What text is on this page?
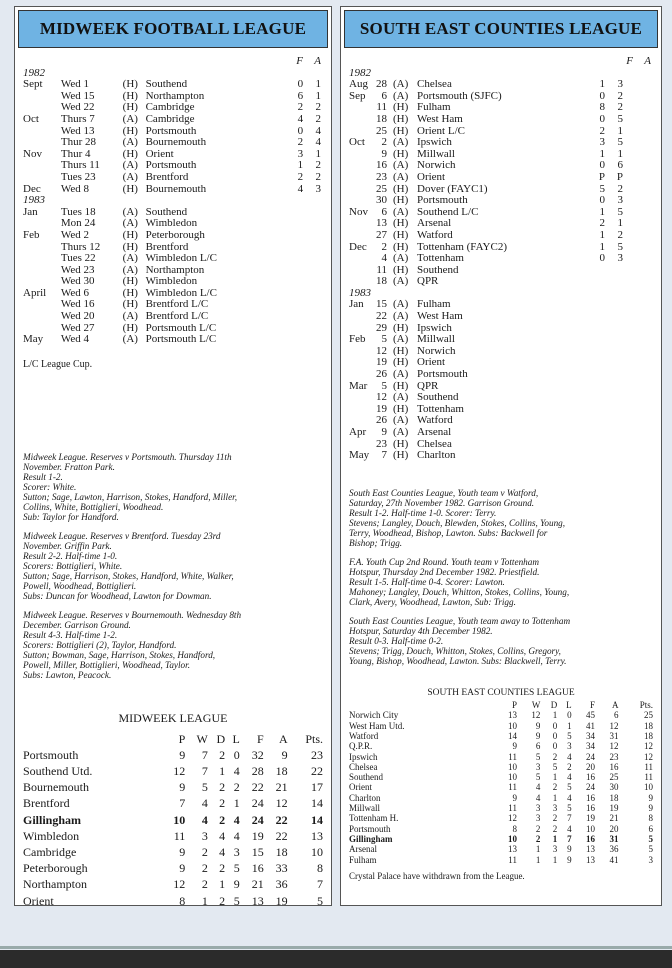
MIDWEEK FOOTBALL LEAGUE
F	A
1982
Sept	Wed 1	(H) Southend	0	1
Wed 15	(H) Northampton	6	1
Wed 22	(H) Cambridge	2	2
Oct	Thurs 7	(A) Cambridge	4	2
Wed 13	(H) Portsmouth	0	4
Thur 28	(A) Bournemouth	2	4
Nov	Thur 4	(H) Orient	3	1
Thurs 11	(A) Portsmouth	1	2
Tues 23	(A) Brentford	2	2
Dec	Wed 8	(H) Bournemouth	4	3
1983
Jan	Tues 18	(A) Southend
Mon 24	(A) Wimbledon
Feb	Wed 2	(H) Peterborough
Thurs 12	(H) Brentford
Tues 22	(A) Wimbledon L/C
Wed 23	(A) Northampton
Wed 30	(H) Wimbledon
April	Wed 6	(H) Wimbledon L/C
Wed 16	(H) Brentford L/C
Wed 20	(A) Brentford L/C
Wed 27	(H) Portsmouth L/C
May	Wed 4	(A) Portsmouth L/C
L/C League Cup.

Midweek League. Reserves v Portsmouth. Thursday 11th

November. Fratton Park.

Result 1-2.

Scorer: White.

Sutton; Sage, Lawton, Harrison, Stokes, Handford, Miller,

Collins, White, Bottiglieri, Woodhead.

Sub: Taylor for Handford.

Midweek League. Reserves v Brentford. Tuesday 23rd

November. Griffin Park.

Result 2-2. Half-time 1-0.

Scorers: Bottiglieri, White.

Sutton; Sage, Harrison, Stokes, Handford, White, Walker,

Powell, Woodhead, Bottiglieri.

Subs: Duncan for Woodhead, Lawton for Dowman.

Midweek League. Reserves v Bournemouth. Wednesday 8th

December. Garrison Ground.

Result 4-3. Half-time 1-2.

Scorers: Bottiglieri (2), Taylor, Handford.

Sutton; Bowman, Sage, Harrison, Stokes, Handford,

Powell, Miller, Bottiglieri, Woodhead, Taylor.

Subs: Lawton, Peacock.

MIDWEEK LEAGUE
	P	W	D	L	F	A	Pts.
Portsmouth	9	7	2	0	32	9	23
Southend Utd.	12	7	1	4	28	18	22
Bournemouth	9	5	2	2	22	21	17
Brentford	7	4	2	1	24	12	14
Gillingham	10	4	2	4	24	22	14
Wimbledon	11	3	4	4	19	22	13
Cambridge	9	2	4	3	15	18	10
Peterborough	9	2	2	5	16	33	8
Northampton	12	2	1	9	21	36	7
Orient	8	1	2	5	13	19	5
SOUTH EAST COUNTIES LEAGUE
F	A
1982
Aug 28 (A) Chelsea	1	3
Sep	6 (A) Portsmouth (SJFC)	0	2
11 (H) Fulham	8	2
18 (H) West Ham	0	5
25 (H) Orient L/C	2	1
Oct	2 (A) Ipswich	3	5
9 (H) Millwall	1	1
16 (A) Norwich	0	6
23 (A) Orient	P	P
25 (H) Dover (FAYC1)	5	2
30 (H) Portsmouth	0	3
Nov	6 (A) Southend L/C	1	5
13 (H) Arsenal	2	1
27 (H) Watford	1	2
Dec	2 (H) Tottenham (FAYC2)	1	5
4 (A) Tottenham	0	3
11 (H) Southend
18 (A) QPR
1983
Jan	15 (A) Fulham
22 (A) West Ham
29 (H) Ipswich
Feb	5 (A) Millwall
12 (H) Norwich
19 (H) Orient
26 (A) Portsmouth
Mar	5 (H) QPR
12 (A) Southend
19 (H) Tottenham
26 (A) Watford
Apr	9 (A) Arsenal
23 (H) Chelsea
May	7 (H) Charlton

South East Counties League, Youth team v Watford,

Saturday, 27th November 1982. Garrison Ground.

Result 1-2. Half-time 1-0. Scorer: Terry.

Stevens; Langley, Douch, Blewden, Stokes, Collins, Young,

Terry, Woodhead, Bishop, Lawton. Subs: Backwell for

Bishop; Trigg.

F.A. Youth Cup 2nd Round. Youth team v Tottenham

Hotspur, Thursday 2nd December 1982. Priestfield.

Result 1-5. Half-time 0-4. Scorer: Lawton.

Mahoney; Langley, Douch, Whitton, Stokes, Collins, Young,

Clark, Avery, Woodhead, Lawton, Sub: Trigg.

South East Counties League, Youth team away to Tottenham

Hotspur, Saturday 4th December 1982.

Result 0-3. Half-time 0-2.

Stevens; Trigg, Douch, Whitton, Stokes, Collins, Gregory,

Young, Bishop, Woodhead, Lawton. Subs: Blackwell, Terry.

SOUTH EAST COUNTIES LEAGUE
	P	W	D	L	F	A	Pts.
Norwich City	13	12	1	0	45	6	25
West Ham Utd.	10	9	0	1	41	12	18
Watford	14	9	0	5	34	31	18
Q.P.R.	9	6	0	3	34	12	12
Ipswich	11	5	2	4	24	23	12
Chelsea	10	3	5	2	20	16	11
Southend	10	5	1	4	16	25	11
Orient	11	4	2	5	24	30	10
Charlton	9	4	1	4	16	18	9
Millwall	11	3	3	5	16	19	9
Tottenham H.	12	3	2	7	19	21	8
Portsmouth	8	2	2	4	10	20	6
Gillingham	10	2	1	7	16	31	5
Arsenal	13	1	3	9	13	36	5
Fulham	11	1	1	9	13	41	3
Crystal Palace have withdrawn from the League.
